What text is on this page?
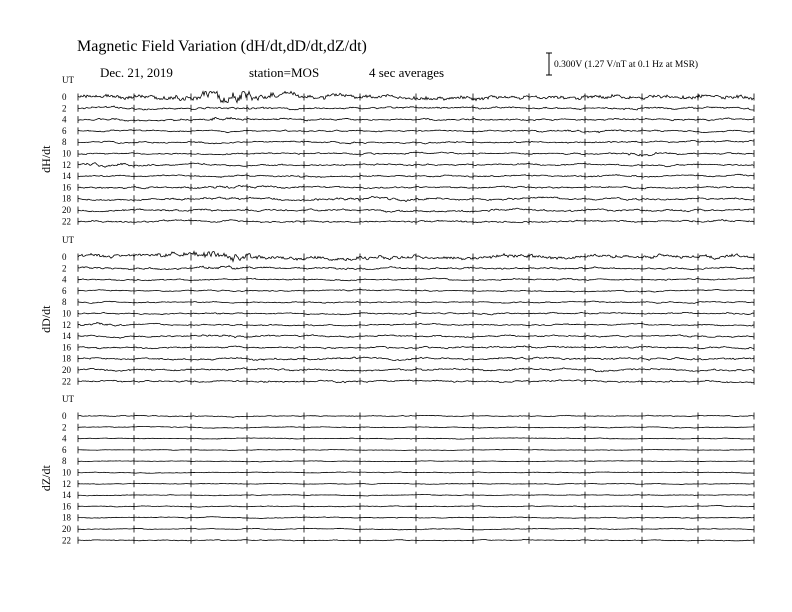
Magnetic Field Variation (dH/dt,dD/dt,dZ/dt)
Dec. 21, 2019	station=MOS	4 sec averages	0.300V (1.27 V/nT at 0.1 Hz at MSR)
UT
dH/dt
0
2
4
6
8
10
12
14
16
18
20
22
UT
dD/dt
0
2
4
6
8
10
12
14
16
18
20
22
UT
dZ/dt
0
2
4
6
8
10
12
14
16
18
20
22
